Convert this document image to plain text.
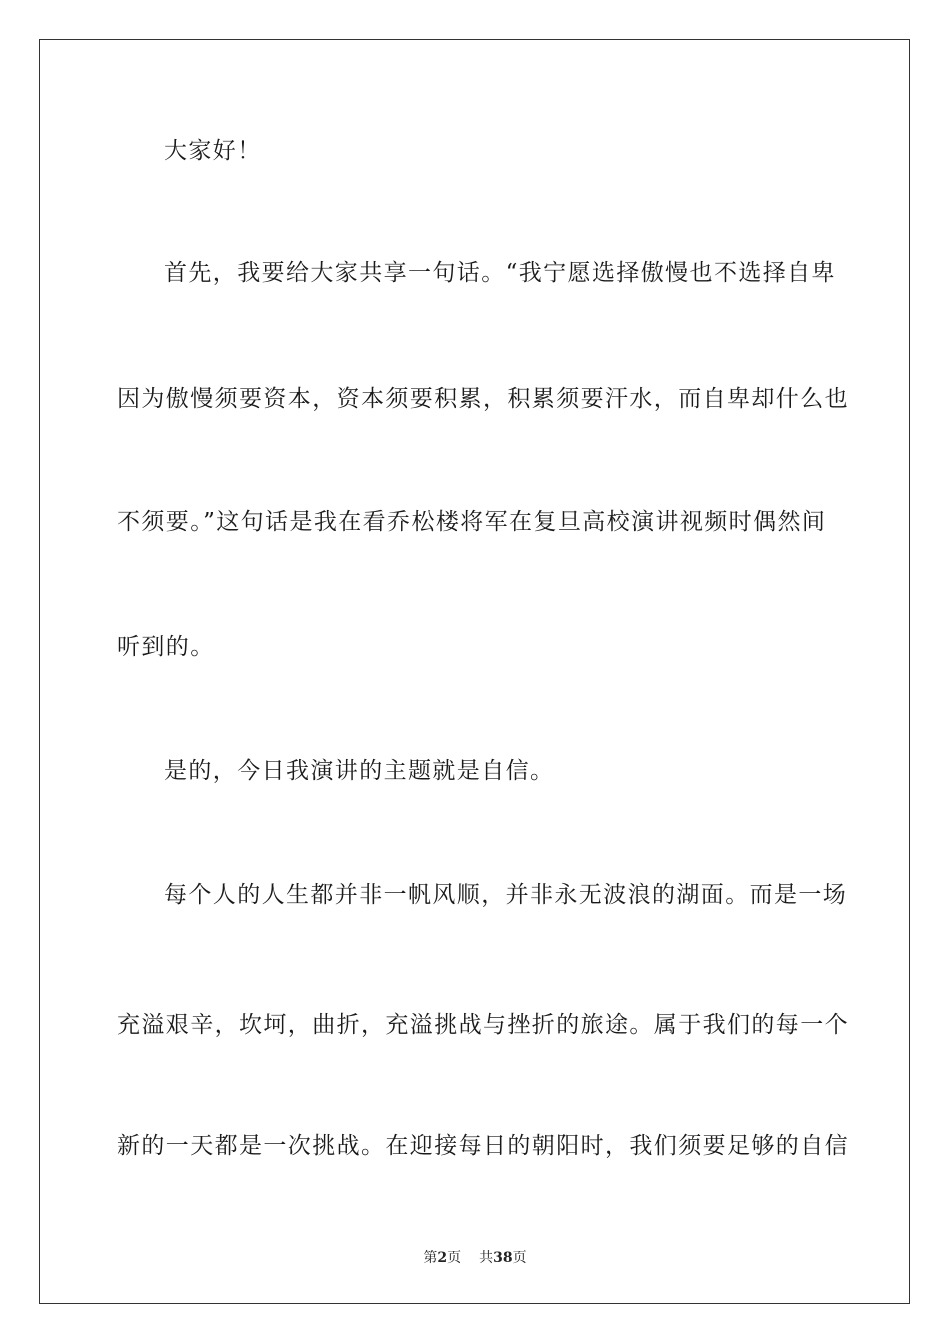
大家好！
首先，我要给大家共享一句话。“我宁愿选择傲慢也不选择自卑
因为傲慢须要资本，资本须要积累，积累须要汗水，而自卑却什么也
不须要。”这句话是我在看乔松楼将军在复旦高校演讲视频时偶然间
听到的。
是的，今日我演讲的主题就是自信。
每个人的人生都并非一帆风顺，并非永无波浪的湖面。而是一场
充溢艰辛，坎坷，曲折，充溢挑战与挫折的旅途。属于我们的每一个
新的一天都是一次挑战。在迎接每日的朝阳时，我们须要足够的自信
第2页 共38页
